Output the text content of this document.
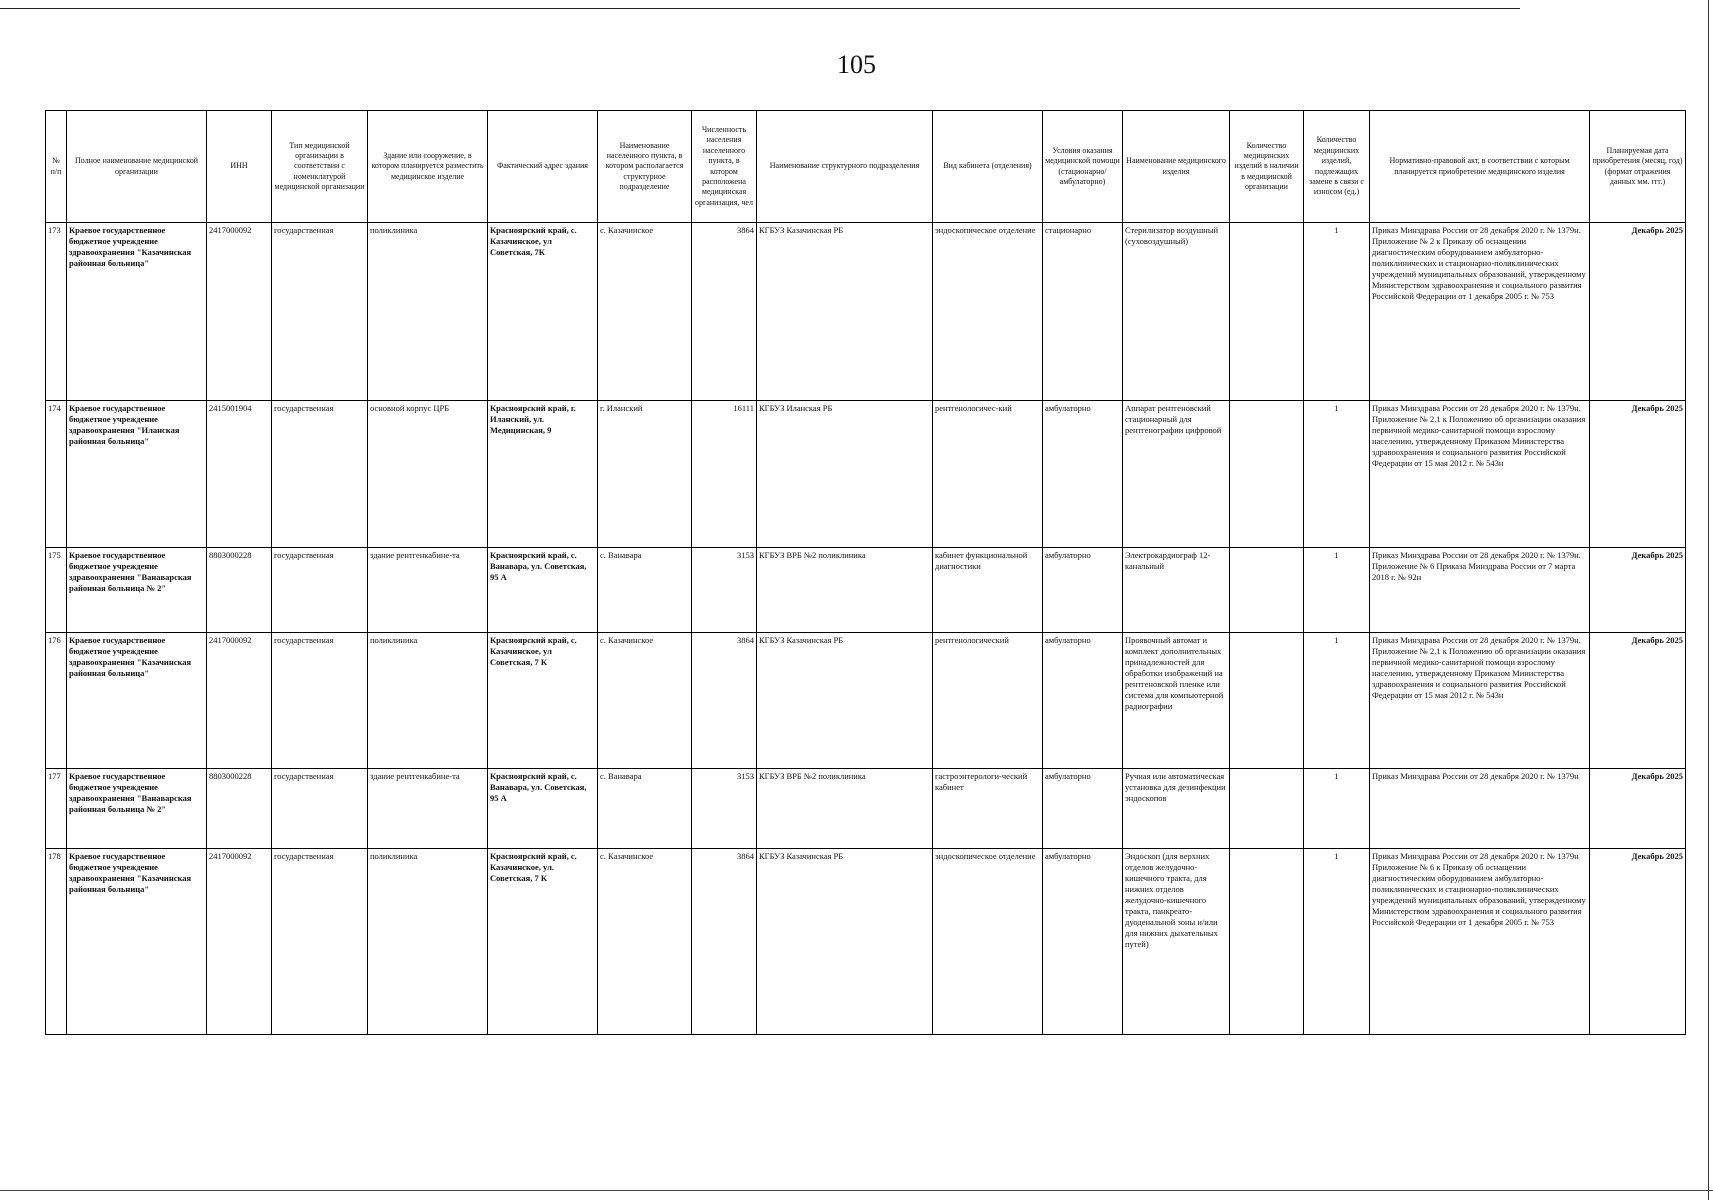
105
№ п/п	Полное наименование медицинской организации	ИНН	Тип медицинской организации в соответствии с номенклатурой медицинской организации	Здание или сооружение, в котором планируется разместить медицинское изделие	Фактический адрес здания	Наименование населенного пункта, в котором располагается структурное подразделение	Численность населения населенного пункта, в котором расположена медицинская организация, чел	Наименование структурного подразделения	Вид кабинета (отделения)	Условия оказания медицинской помощи (стационарно/ амбулаторно)	Наименование медицинского изделия	Количество медицинских изделий в наличии в медицинской организации	Количество медицинских изделий, подлежащих замене в связи с износом (ед.)	Нормативно-правовой акт, в соответствии с которым планируется приобретение медицинского изделия	Планируемая дата приобретения (месяц, год) (формат отражения данных мм. ггг.)
173	Краевое государственное бюджетное учреждение здравоохранения "Казачинская районная больница"	2417000092	государственная	поликлиника	Красноярский край, с. Казачинское, ул Советская, 7К	с. Казачинское	3864	КГБУЗ Казачинская РБ	эндоскопическое отделение	стационарно	Стерилизатор воздушный (суховоздушный)		1	Приказ Минздрава России от 28 декабря 2020 г. № 1379н. Приложение № 2 к Приказу об оснащении диагностическим оборудованием амбулаторно-поликлинических и стационарно-поликлинических учреждений муниципальных образований, утвержденному Министерством здравоохранения и социального развития Российской Федерации от 1 декабря 2005 г. № 753	Декабрь 2025
174	Краевое государственное бюджетное учреждение здравоохранения "Иланская районная больница"	2415001904	государственная	основной корпус ЦРБ	Красноярский край, г. Иланский, ул. Медицинская, 9	г. Иланский	16111	КГБУЗ Иланская РБ	рентгенологичес-кий	амбулаторно	Аппарат рентгеновский стационарный для рентгенографии цифровой		1	Приказ Минздрава России от 28 декабря 2020 г. № 1379н. Приложение № 2.1 к Положению об организации оказания первичной медико-санитарной помощи взрослому населению, утвержденному Приказом Министерства здравоохранения и социального развития Российской Федерации от 15 мая 2012 г. № 543н	Декабрь 2025
175	Краевое государственное бюджетное учреждение здравоохранения "Ванаварская районная больница № 2"	8803000228	государственная	здание рентгенкабине-та	Красноярский край, с. Ванавара, ул. Советская, 95 А	с. Ванавара	3153	КГБУЗ ВРБ №2 поликлиника	кабинет функциональной диагностики	амбулаторно	Электрокардиограф 12-канальный		1	Приказ Минздрава России от 28 декабря 2020 г. № 1379н. Приложение № 6 Приказа Минздрава России от 7 марта 2018 г. № 92н	Декабрь 2025
176	Краевое государственное бюджетное учреждение здравоохранения "Казачинская районная больница"	2417000092	государственная	поликлиника	Красноярский край, с. Казачинское, ул Советская, 7 К	с. Казачинское	3864	КГБУЗ Казачинская РБ	рентгенологический	амбулаторно	Проявочный автомат и комплект дополнительных принадлежностей для обработки изображений на рентгеновской пленке или система для компьютерной радиографии		1	Приказ Минздрава России от 28 декабря 2020 г. № 1379н. Приложение № 2.1 к Положению об организации оказания первичной медико-санитарной помощи взрослому населению, утвержденному Приказом Министерства здравоохранения и социального развития Российской Федерации от 15 мая 2012 г. № 543н	Декабрь 2025
177	Краевое государственное бюджетное учреждение здравоохранения "Ванаварская районная больница № 2"	8803000228	государственная	здание рентгенкабине-та	Красноярский край, с. Ванавара, ул. Советская, 95 А	с. Ванавара	3153	КГБУЗ ВРБ №2 поликлиника	гастроэнтерологи-ческий кабинет	амбулаторно	Ручная или автоматическая установка для дезинфекции эндоскопов		1	Приказ Минздрава России от 28 декабря 2020 г. № 1379н	Декабрь 2025
178	Краевое государственное бюджетное учреждение здравоохранения "Казачинская районная больница"	2417000092	государственная	поликлиника	Красноярский край, с. Казачинское, ул. Советская, 7 К	с. Казачинское	3864	КГБУЗ Казачинская РБ	эндоскопическое отделение	амбулаторно	Эндоскоп (для верхних отделов желудочно-кишечного тракта, для нижних отделов желудочно-кишечного тракта, панкреато-дуоденальной зоны и/или для нижних дыхательных путей)		1	Приказ Минздрава России от 28 декабря 2020 г. № 1379н Приложение № 6 к Приказу об оснащении диагностическим оборудованием амбулаторно-поликлинических и стационарно-поликлинических учреждений муниципальных образований, утвержденному Министерством здравоохранения и социального развития Российской Федерации от 1 декабря 2005 г. № 753	Декабрь 2025
